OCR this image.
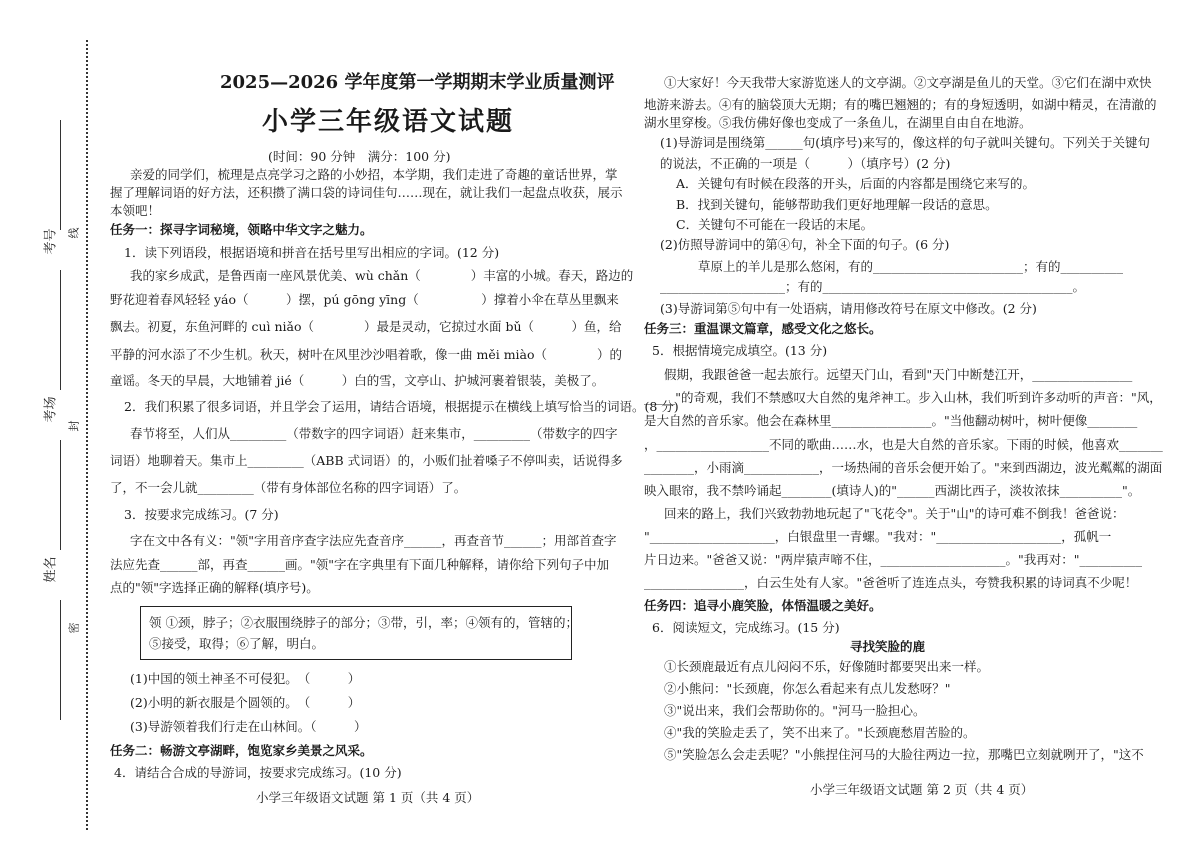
考号
考场
姓名
线
封
密
2025—2026 学年度第一学期期末学业质量测评
小学三年级语文试题
(时间：90 分钟　满分：100 分)
亲爱的同学们，梳理是点亮学习之路的小妙招，本学期，我们走进了奇趣的童话世界，掌
握了理解词语的好方法，还积攒了满口袋的诗词佳句……现在，就让我们一起盘点收获，展示
本领吧！
任务一：探寻字词秘境，领略中华文字之魅力。
1．读下列语段，根据语境和拼音在括号里写出相应的字词。(12 分)
我的家乡成武，是鲁西南一座风景优美、wù chǎn（　　　　）丰富的小城。春天，路边的
野花迎着春风轻轻 yáo（　　　）摆，pú gōng yīng（　　　　　）撑着小伞在草丛里飘来
飘去。初夏，东鱼河畔的 cuì niǎo（　　　　）最是灵动，它掠过水面 bǔ（　　　）鱼，给
平静的河水添了不少生机。秋天，树叶在风里沙沙唱着歌，像一曲 měi miào（　　　　）的
童谣。冬天的早晨，大地铺着 jié（　　　）白的雪，文亭山、护城河裹着银装，美极了。
2．我们积累了很多词语，并且学会了运用，请结合语境，根据提示在横线上填写恰当的词语。(8 分)
春节将至，人们从_________（带数字的四字词语）赶来集市，_________（带数字的四字
词语）地聊着天。集市上_________（ABB 式词语）的，小贩们扯着嗓子不停叫卖，话说得多
了，不一会儿就_________（带有身体部位名称的四字词语）了。
3．按要求完成练习。(7 分)
字在文中各有义："领"字用音序查字法应先查音序______，再查音节______；用部首查字
法应先查______部，再查______画。"领"字在字典里有下面几种解释，请你给下列句子中加
点的"领"字选择正确的解释(填序号)。
领 ①颈，脖子；②衣服围绕脖子的部分；③带，引，率；④领有的，管辖的；
⑤接受，取得；⑥了解，明白。
(1)中国的领土神圣不可侵犯。　（　　　）
(2)小明的新衣服是个圆领的。　（　　　）
(3)导游领着我们行走在山林间。（　　　）
任务二：畅游文亭湖畔，饱览家乡美景之风采。
4．请结合合成的导游词，按要求完成练习。(10 分)
小学三年级语文试题 第 1 页（共 4 页）
①大家好！今天我带大家游览迷人的文亭湖。②文亭湖是鱼儿的天堂。③它们在湖中欢快
地游来游去。④有的脑袋顶大无期；有的嘴巴翘翘的；有的身短透明，如湖中精灵，在清澈的
湖水里穿梭。⑤我仿佛好像也变成了一条鱼儿，在湖里自由自在地游。
(1)导游词是围绕第______句(填序号)来写的，像这样的句子就叫关键句。下列关于关键句
的说法，不正确的一项是（　　　）（填序号）(2 分)
A．关键句有时候在段落的开头，后面的内容都是围绕它来写的。
B．找到关键句，能够帮助我们更好地理解一段话的意思。
C．关键句不可能在一段话的末尾。
(2)仿照导游词中的第④句，补全下面的句子。(6 分)
草原上的羊儿是那么悠闲，有的________________________；有的__________
____________________；有的________________________________________。
(3)导游词第⑤句中有一处语病，请用修改符号在原文中修改。(2 分)
任务三：重温课文篇章，感受文化之悠长。
5．根据情境完成填空。(13 分)
假期，我跟爸爸一起去旅行。远望天门山，看到"天门中断楚江开，________________
_____"的奇观，我们不禁感叹大自然的鬼斧神工。步入山林，我们听到许多动听的声音："风，
是大自然的音乐家。他会在森林里________________。"当他翻动树叶，树叶便像________
，__________________不同的歌曲……水，也是大自然的音乐家。下雨的时候，他喜欢_______
________，小雨滴____________，一场热闹的音乐会便开始了。"来到西湖边，波光粼粼的湖面
映入眼帘，我不禁吟诵起________(填诗人)的"______西湖比西子，淡妆浓抹__________"。
回来的路上，我们兴致勃勃地玩起了"飞花令"。关于"山"的诗可难不倒我！爸爸说：
"____________________，白银盘里一青螺。"我对："____________________，孤帆一
片日边来。"爸爸又说："两岸猿声啼不住，____________________。"我再对："__________
________________，白云生处有人家。"爸爸听了连连点头，夸赞我积累的诗词真不少呢！
任务四：追寻小鹿笑脸，体悟温暖之美好。
6．阅读短文，完成练习。(15 分)
寻找笑脸的鹿
①长颈鹿最近有点儿闷闷不乐，好像随时都要哭出来一样。
②小熊问："长颈鹿，你怎么看起来有点儿发愁呀？"
③"说出来，我们会帮助你的。"河马一脸担心。
④"我的笑脸走丢了，笑不出来了。"长颈鹿愁眉苦脸的。
⑤"笑脸怎么会走丢呢？"小熊捏住河马的大脸往两边一拉，那嘴巴立刻就咧开了，"这不
小学三年级语文试题 第 2 页（共 4 页）
